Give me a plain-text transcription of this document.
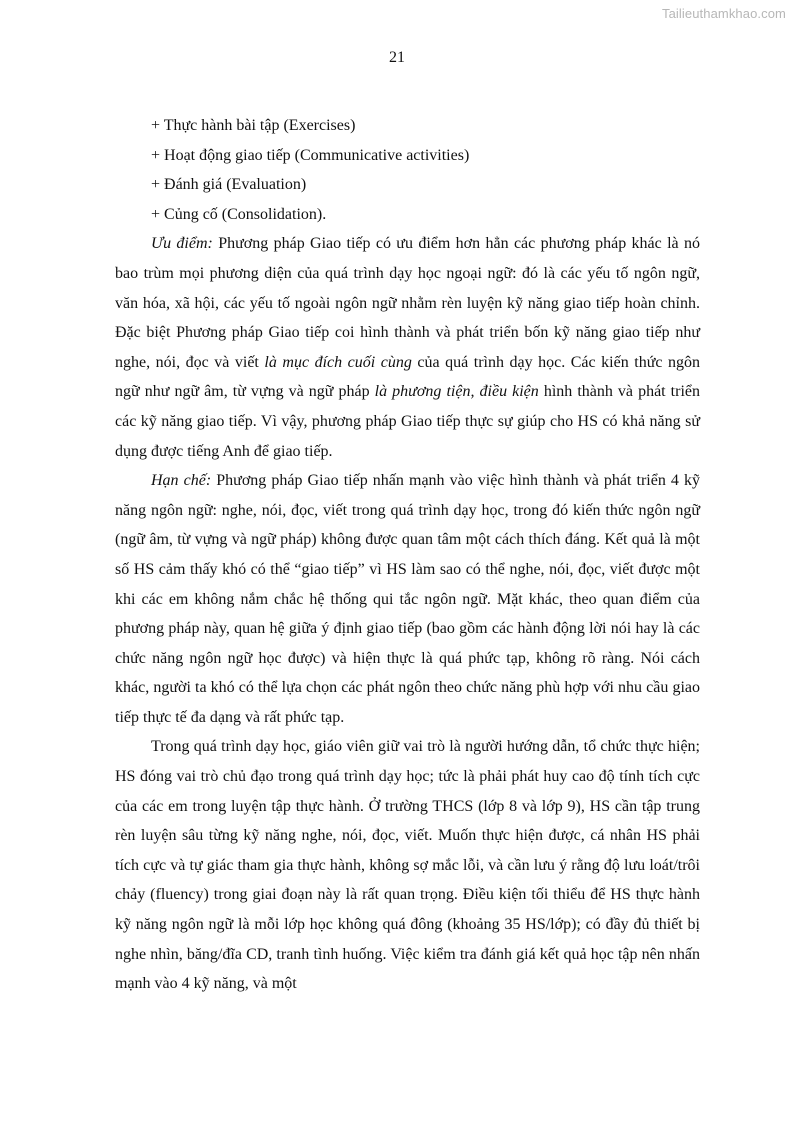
Tailieuthamkhao.com
21

+ Thực hành bài tập (Exercises)

+ Hoạt động giao tiếp (Communicative activities)

+ Đánh giá (Evaluation)

+ Củng cố (Consolidation).

Ưu điểm: Phương pháp Giao tiếp có ưu điểm hơn hẳn các phương pháp khác là nó bao trùm mọi phương diện của quá trình dạy học ngoại ngữ: đó là các yếu tố ngôn ngữ, văn hóa, xã hội, các yếu tố ngoài ngôn ngữ nhằm rèn luyện kỹ năng giao tiếp hoàn chỉnh. Đặc biệt Phương pháp Giao tiếp coi hình thành và phát triển bốn kỹ năng giao tiếp như nghe, nói, đọc và viết là mục đích cuối cùng của quá trình dạy học. Các kiến thức ngôn ngữ như ngữ âm, từ vựng và ngữ pháp là phương tiện, điều kiện hình thành và phát triển các kỹ năng giao tiếp. Vì vậy, phương pháp Giao tiếp thực sự giúp cho HS có khả năng sử dụng được tiếng Anh để giao tiếp.

Hạn chế: Phương pháp Giao tiếp nhấn mạnh vào việc hình thành và phát triển 4 kỹ năng ngôn ngữ: nghe, nói, đọc, viết trong quá trình dạy học, trong đó kiến thức ngôn ngữ (ngữ âm, từ vựng và ngữ pháp) không được quan tâm một cách thích đáng. Kết quả là một số HS cảm thấy khó có thể “giao tiếp” vì HS làm sao có thể nghe, nói, đọc, viết được một khi các em không nắm chắc hệ thống qui tắc ngôn ngữ. Mặt khác, theo quan điểm của phương pháp này, quan hệ giữa ý định giao tiếp (bao gồm các hành động lời nói hay là các chức năng ngôn ngữ học được) và hiện thực là quá phức tạp, không rõ ràng. Nói cách khác, người ta khó có thể lựa chọn các phát ngôn theo chức năng phù hợp với nhu cầu giao tiếp thực tế đa dạng và rất phức tạp.

Trong quá trình dạy học, giáo viên giữ vai trò là người hướng dẫn, tổ chức thực hiện; HS đóng vai trò chủ đạo trong quá trình dạy học; tức là phải phát huy cao độ tính tích cực của các em trong luyện tập thực hành. Ở trường THCS (lớp 8 và lớp 9), HS cần tập trung rèn luyện sâu từng kỹ năng nghe, nói, đọc, viết. Muốn thực hiện được, cá nhân HS phải tích cực và tự giác tham gia thực hành, không sợ mắc lỗi, và cần lưu ý rằng độ lưu loát/trôi chảy (fluency) trong giai đoạn này là rất quan trọng. Điều kiện tối thiểu để HS thực hành kỹ năng ngôn ngữ là mỗi lớp học không quá đông (khoảng 35 HS/lớp); có đầy đủ thiết bị nghe nhìn, băng/đĩa CD, tranh tình huống. Việc kiểm tra đánh giá kết quả học tập nên nhấn mạnh vào 4 kỹ năng, và một
